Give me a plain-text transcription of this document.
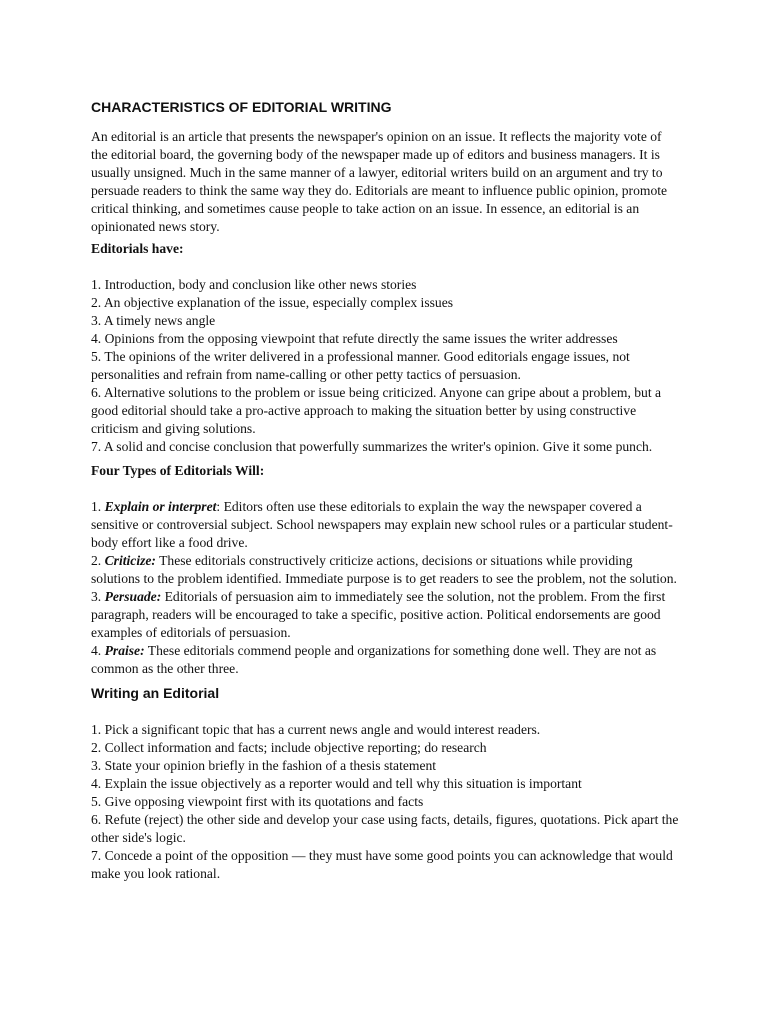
CHARACTERISTICS OF EDITORIAL WRITING

An editorial is an article that presents the newspaper's opinion on an issue. It reflects the majority vote of the editorial board, the governing body of the newspaper made up of editors and business managers. It is usually unsigned. Much in the same manner of a lawyer, editorial writers build on an argument and try to persuade readers to think the same way they do. Editorials are meant to influence public opinion, promote critical thinking, and sometimes cause people to take action on an issue. In essence, an editorial is an opinionated news story.

Editorials have:
1. Introduction, body and conclusion like other news stories
2. An objective explanation of the issue, especially complex issues
3. A timely news angle
4. Opinions from the opposing viewpoint that refute directly the same issues the writer addresses
5. The opinions of the writer delivered in a professional manner. Good editorials engage issues, not personalities and refrain from name-calling or other petty tactics of persuasion.
6. Alternative solutions to the problem or issue being criticized. Anyone can gripe about a problem, but a good editorial should take a pro-active approach to making the situation better by using constructive criticism and giving solutions.
7. A solid and concise conclusion that powerfully summarizes the writer's opinion. Give it some punch.
Four Types of Editorials Will:
1. Explain or interpret: Editors often use these editorials to explain the way the newspaper covered a sensitive or controversial subject. School newspapers may explain new school rules or a particular student-body effort like a food drive.
2. Criticize: These editorials constructively criticize actions, decisions or situations while providing solutions to the problem identified. Immediate purpose is to get readers to see the problem, not the solution.
3. Persuade: Editorials of persuasion aim to immediately see the solution, not the problem. From the first paragraph, readers will be encouraged to take a specific, positive action. Political endorsements are good examples of editorials of persuasion.
4. Praise: These editorials commend people and organizations for something done well. They are not as common as the other three.
Writing an Editorial
1. Pick a significant topic that has a current news angle and would interest readers.
2. Collect information and facts; include objective reporting; do research
3. State your opinion briefly in the fashion of a thesis statement
4. Explain the issue objectively as a reporter would and tell why this situation is important
5. Give opposing viewpoint first with its quotations and facts
6. Refute (reject) the other side and develop your case using facts, details, figures, quotations. Pick apart the other side's logic.
7. Concede a point of the opposition — they must have some good points you can acknowledge that would make you look rational.
